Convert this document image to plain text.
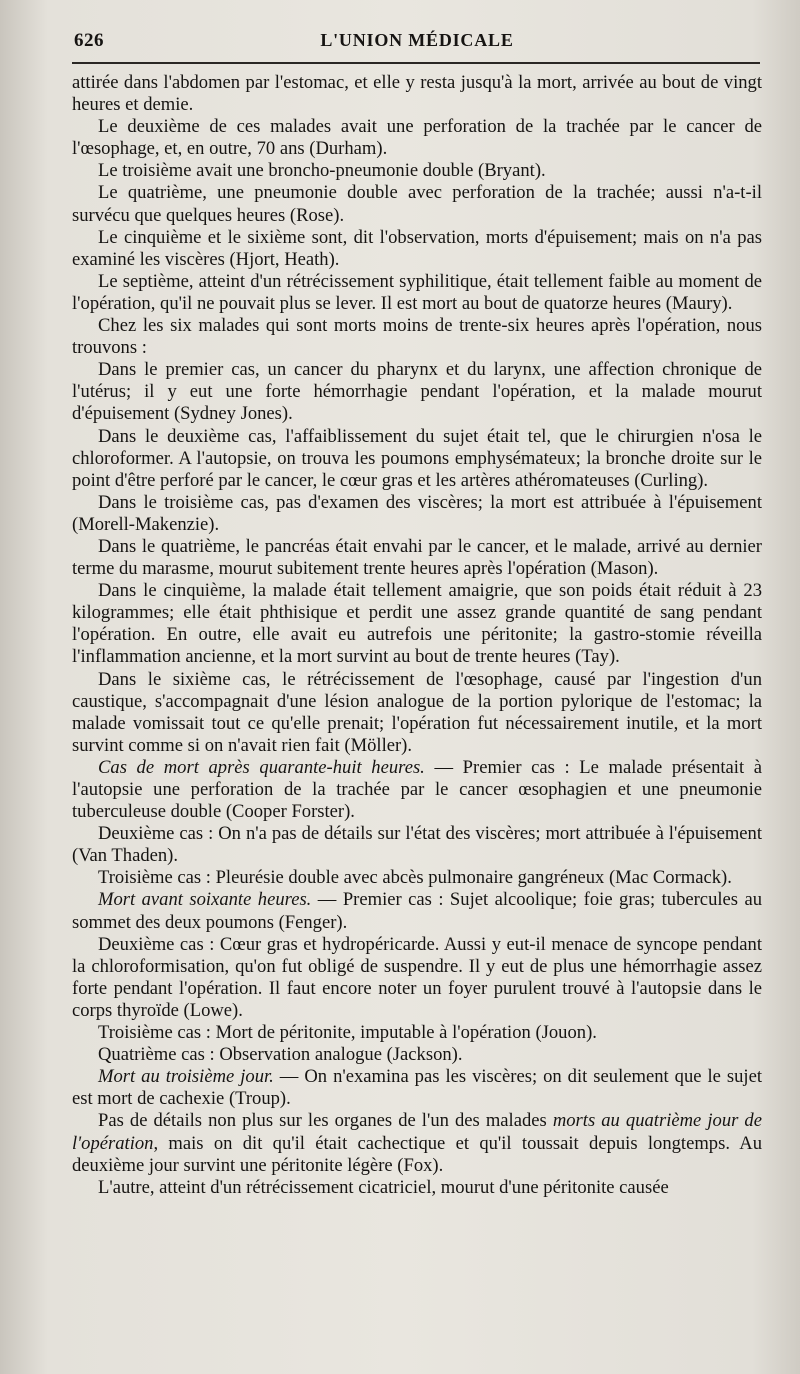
626	L'UNION MÉDICALE

attirée dans l'abdomen par l'estomac, et elle y resta jusqu'à la mort, arrivée au bout de vingt heures et demie.

Le deuxième de ces malades avait une perforation de la trachée par le cancer de l'œsophage, et, en outre, 70 ans (Durham).

Le troisième avait une broncho-pneumonie double (Bryant).

Le quatrième, une pneumonie double avec perforation de la trachée; aussi n'a-t-il survécu que quelques heures (Rose).

Le cinquième et le sixième sont, dit l'observation, morts d'épuisement; mais on n'a pas examiné les viscères (Hjort, Heath).

Le septième, atteint d'un rétrécissement syphilitique, était tellement faible au moment de l'opération, qu'il ne pouvait plus se lever. Il est mort au bout de quatorze heures (Maury).

Chez les six malades qui sont morts moins de trente-six heures après l'opération, nous trouvons :

Dans le premier cas, un cancer du pharynx et du larynx, une affection chronique de l'utérus; il y eut une forte hémorrhagie pendant l'opération, et la malade mourut d'épuisement (Sydney Jones).

Dans le deuxième cas, l'affaiblissement du sujet était tel, que le chirurgien n'osa le chloroformer. A l'autopsie, on trouva les poumons emphysémateux; la bronche droite sur le point d'être perforé par le cancer, le cœur gras et les artères athéromateuses (Curling).

Dans le troisième cas, pas d'examen des viscères; la mort est attribuée à l'épuisement (Morell-Makenzie).

Dans le quatrième, le pancréas était envahi par le cancer, et le malade, arrivé au dernier terme du marasme, mourut subitement trente heures après l'opération (Mason).

Dans le cinquième, la malade était tellement amaigrie, que son poids était réduit à 23 kilogrammes; elle était phthisique et perdit une assez grande quantité de sang pendant l'opération. En outre, elle avait eu autrefois une péritonite; la gastro-stomie réveilla l'inflammation ancienne, et la mort survint au bout de trente heures (Tay).

Dans le sixième cas, le rétrécissement de l'œsophage, causé par l'ingestion d'un caustique, s'accompagnait d'une lésion analogue de la portion pylorique de l'estomac; la malade vomissait tout ce qu'elle prenait; l'opération fut nécessairement inutile, et la mort survint comme si on n'avait rien fait (Möller).

Cas de mort après quarante-huit heures. — Premier cas : Le malade présentait à l'autopsie une perforation de la trachée par le cancer œsophagien et une pneumonie tuberculeuse double (Cooper Forster).

Deuxième cas : On n'a pas de détails sur l'état des viscères; mort attribuée à l'épuisement (Van Thaden).

Troisième cas : Pleurésie double avec abcès pulmonaire gangréneux (Mac Cormack).

Mort avant soixante heures. — Premier cas : Sujet alcoolique; foie gras; tubercules au sommet des deux poumons (Fenger).

Deuxième cas : Cœur gras et hydropéricarde. Aussi y eut-il menace de syncope pendant la chloroformisation, qu'on fut obligé de suspendre. Il y eut de plus une hémorrhagie assez forte pendant l'opération. Il faut encore noter un foyer purulent trouvé à l'autopsie dans le corps thyroïde (Lowe).

Troisième cas : Mort de péritonite, imputable à l'opération (Jouon).

Quatrième cas : Observation analogue (Jackson).

Mort au troisième jour. — On n'examina pas les viscères; on dit seulement que le sujet est mort de cachexie (Troup).

Pas de détails non plus sur les organes de l'un des malades morts au quatrième jour de l'opération, mais on dit qu'il était cachectique et qu'il toussait depuis longtemps. Au deuxième jour survint une péritonite légère (Fox).

L'autre, atteint d'un rétrécissement cicatriciel, mourut d'une péritonite causée
